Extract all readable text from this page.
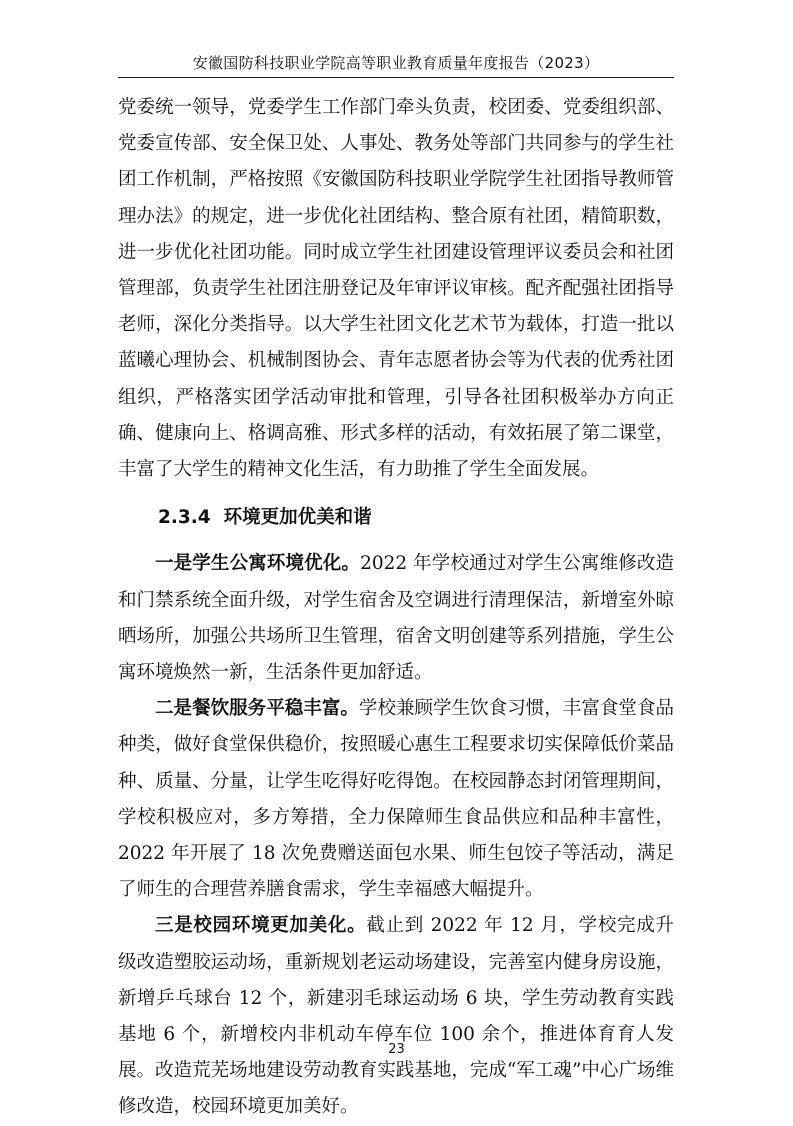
安徽国防科技职业学院高等职业教育质量年度报告（2023）

党委统一领导，党委学生工作部门牵头负责，校团委、党委组织部、党委宣传部、安全保卫处、人事处、教务处等部门共同参与的学生社团工作机制，严格按照《安徽国防科技职业学院学生社团指导教师管理办法》的规定，进一步优化社团结构、整合原有社团，精简职数，进一步优化社团功能。同时成立学生社团建设管理评议委员会和社团管理部，负责学生社团注册登记及年审评议审核。配齐配强社团指导老师，深化分类指导。以大学生社团文化艺术节为载体，打造一批以蓝曦心理协会、机械制图协会、青年志愿者协会等为代表的优秀社团组织，严格落实团学活动审批和管理，引导各社团积极举办方向正确、健康向上、格调高雅、形式多样的活动，有效拓展了第二课堂，丰富了大学生的精神文化生活，有力助推了学生全面发展。

2.3.4 环境更加优美和谐

一是学生公寓环境优化。2022 年学校通过对学生公寓维修改造和门禁系统全面升级，对学生宿舍及空调进行清理保洁，新增室外晾晒场所，加强公共场所卫生管理，宿舍文明创建等系列措施，学生公寓环境焕然一新，生活条件更加舒适。

二是餐饮服务平稳丰富。学校兼顾学生饮食习惯，丰富食堂食品种类，做好食堂保供稳价，按照暖心惠生工程要求切实保障低价菜品种、质量、分量，让学生吃得好吃得饱。在校园静态封闭管理期间，学校积极应对，多方筹措，全力保障师生食品供应和品种丰富性，2022 年开展了 18 次免费赠送面包水果、师生包饺子等活动，满足了师生的合理营养膳食需求，学生幸福感大幅提升。

三是校园环境更加美化。截止到 2022 年 12 月，学校完成升级改造塑胶运动场，重新规划老运动场建设，完善室内健身房设施，新增乒乓球台 12 个，新建羽毛球运动场 6 块，学生劳动教育实践基地 6 个，新增校内非机动车停车位 100 余个，推进体育育人发展。改造荒芜场地建设劳动教育实践基地，完成“军工魂”中心广场维修改造，校园环境更加美好。

23
